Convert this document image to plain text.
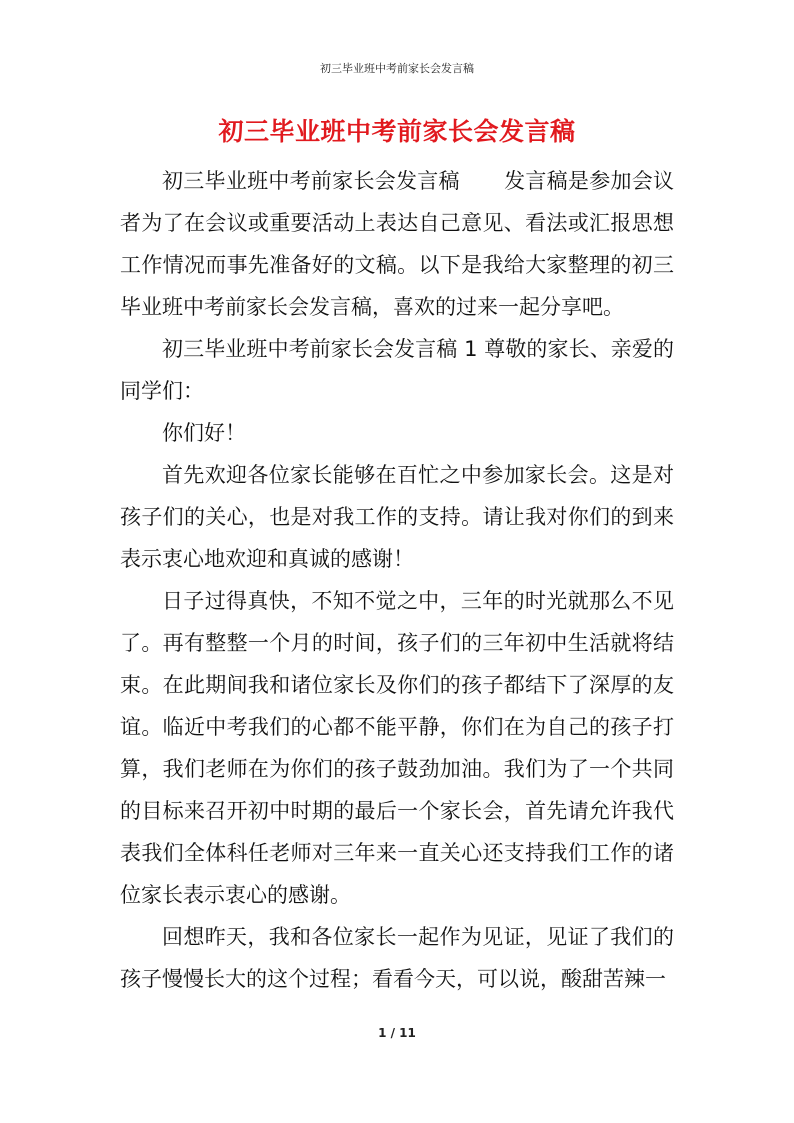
初三毕业班中考前家长会发言稿
初三毕业班中考前家长会发言稿

初三毕业班中考前家长会发言稿 发言稿是参加会议者为了在会议或重要活动上表达自己意见、看法或汇报思想工作情况而事先准备好的文稿。以下是我给大家整理的初三毕业班中考前家长会发言稿，喜欢的过来一起分享吧。

初三毕业班中考前家长会发言稿 1 尊敬的家长、亲爱的同学们：

你们好！

首先欢迎各位家长能够在百忙之中参加家长会。这是对孩子们的关心，也是对我工作的支持。请让我对你们的到来表示衷心地欢迎和真诚的感谢！

日子过得真快，不知不觉之中，三年的时光就那么不见了。再有整整一个月的时间，孩子们的三年初中生活就将结束。在此期间我和诸位家长及你们的孩子都结下了深厚的友谊。临近中考我们的心都不能平静，你们在为自己的孩子打算，我们老师在为你们的孩子鼓劲加油。我们为了一个共同的目标来召开初中时期的最后一个家长会，首先请允许我代表我们全体科任老师对三年来一直关心还支持我们工作的诸位家长表示衷心的感谢。

回想昨天，我和各位家长一起作为见证，见证了我们的孩子慢慢长大的这个过程；看看今天，可以说，酸甜苦辣一

1 / 11
